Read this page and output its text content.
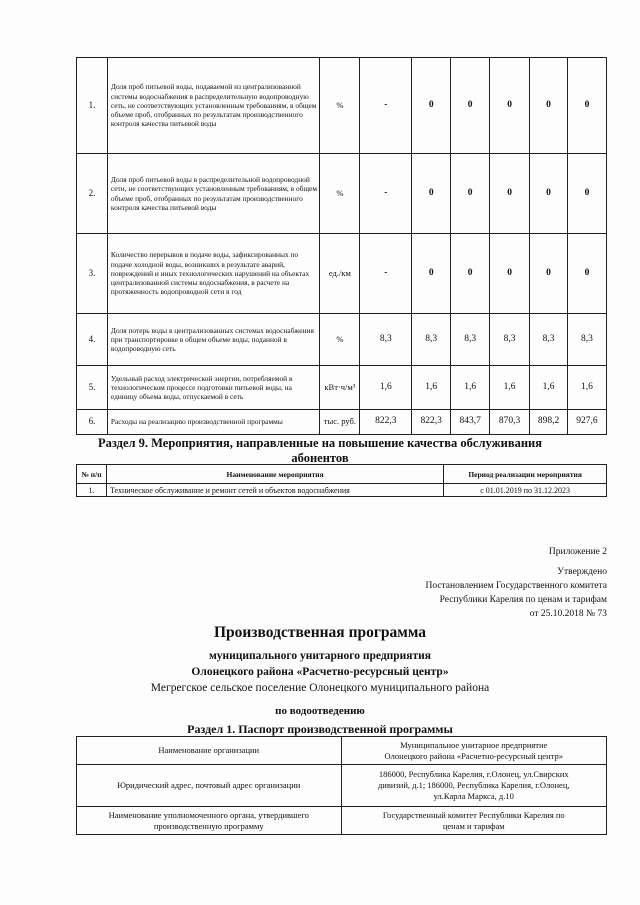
1.	Доля проб питьевой воды, подаваемой из централизованной системы водоснабжения в распределительную водопроводную сеть, не соответствующих установленным требованиям, в общем объеме проб, отобранных по результатам производственного контроля качества питьевой воды	%	-	0	0	0	0	0
2.	Доля проб питьевой воды в распределительной водопроводной сети, не соответствующих установленным требованиям, в общем объеме проб, отобранных по результатам производственного контроля качества питьевой воды	%	-	0	0	0	0	0
3.	Количество перерывов в подаче воды, зафиксированных по подаче холодной воды, возникших в результате аварий, повреждений и иных технологических нарушений на объектах централизованной системы водоснабжения, в расчете на протяженность водопроводной сети в год	ед./км	-	0	0	0	0	0
4.	Доля потерь воды в централизованных системах водоснабжения при транспортировке в общем объеме воды, поданной в водопроводную сеть	%	8,3	8,3	8,3	8,3	8,3	8,3
5.	Удельный расход электрической энергии, потребляемой в технологическом процессе подготовки питьевой воды, на единицу объема воды, отпускаемой в сеть	кВт·ч/м³	1,6	1,6	1,6	1,6	1,6	1,6
6.	Расходы на реализацию производственной программы	тыс. руб.	822,3	822,3	843,7	870,3	898,2	927,6
Раздел 9. Мероприятия, направленные на повышение качества обслуживания
абонентов
№ п/п	Наименование мероприятия	Период реализации мероприятия
1.	Техническое обслуживание и ремонт сетей и объектов водоснабжения	с 01.01.2019 по 31.12.2023
Приложение 2
Утверждено
Постановлением Государственного комитета
Республики Карелия по ценам и тарифам
от 25.10.2018 № 73
Производственная программа
муниципального унитарного предприятия
Олонецкого района «Расчетно-ресурсный центр»
Мегрегское сельское поселение Олонецкого муниципального района
по водоотведению
Раздел 1. Паспорт производственной программы
Наименование организации	Муниципальное унитарное предприятие
Олонецкого района «Расчетно-ресурсный центр»

Юридический адрес, почтовый адрес организации	186000, Республика Карелия, г.Олонец, ул.Свирских
дивизий, д.1; 186000, Республика Карелия, г.Олонец,
ул.Карла Маркса, д.10

Наименование уполномоченного органа, утвердившего производственную программу	Государственный комитет Республики Карелия по
ценам и тарифам
